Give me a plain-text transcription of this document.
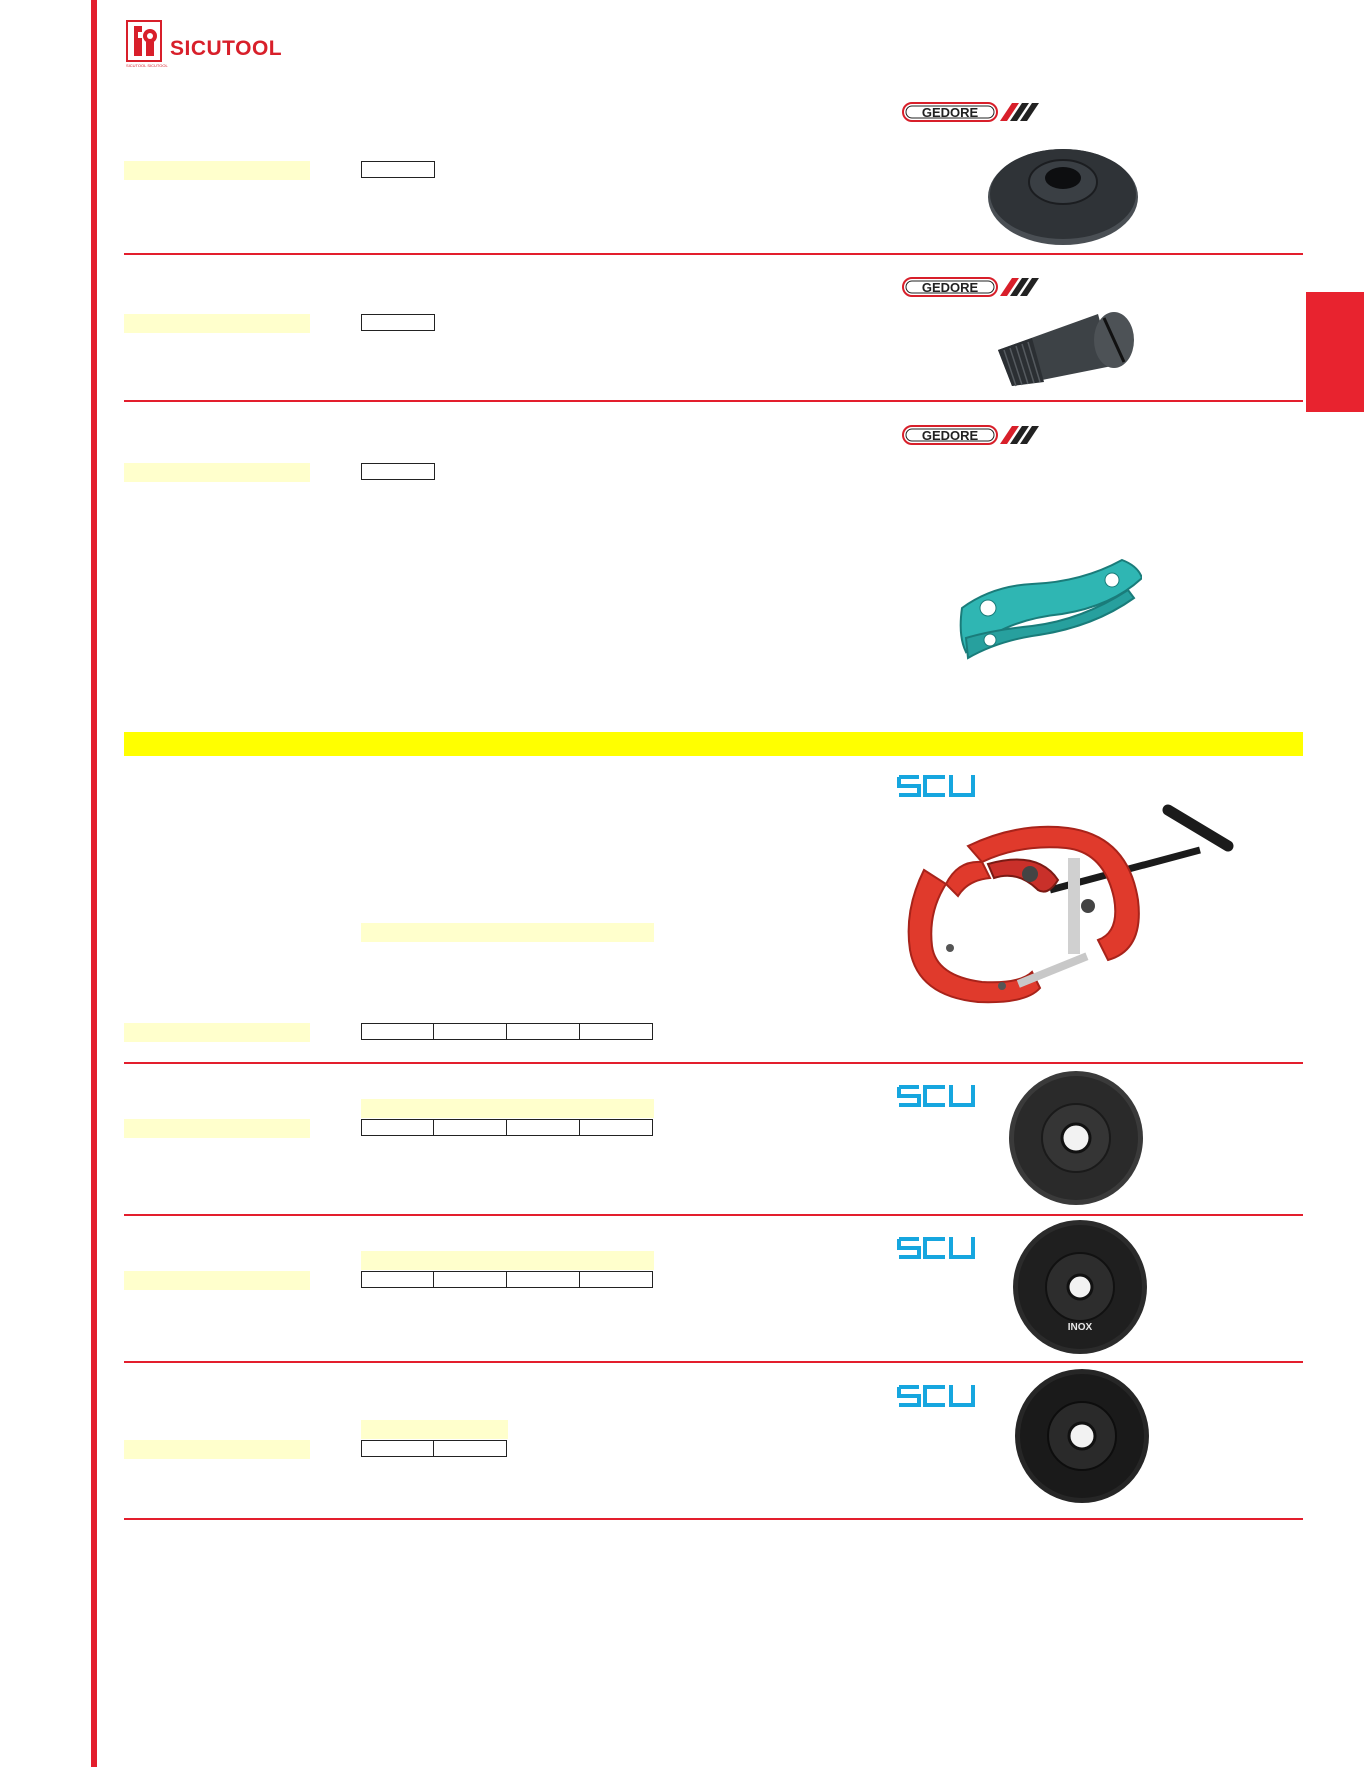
SICUTOOL
SICUTOOL SICUTOOL
GEDORE
GEDORE
GEDORE
INOX
